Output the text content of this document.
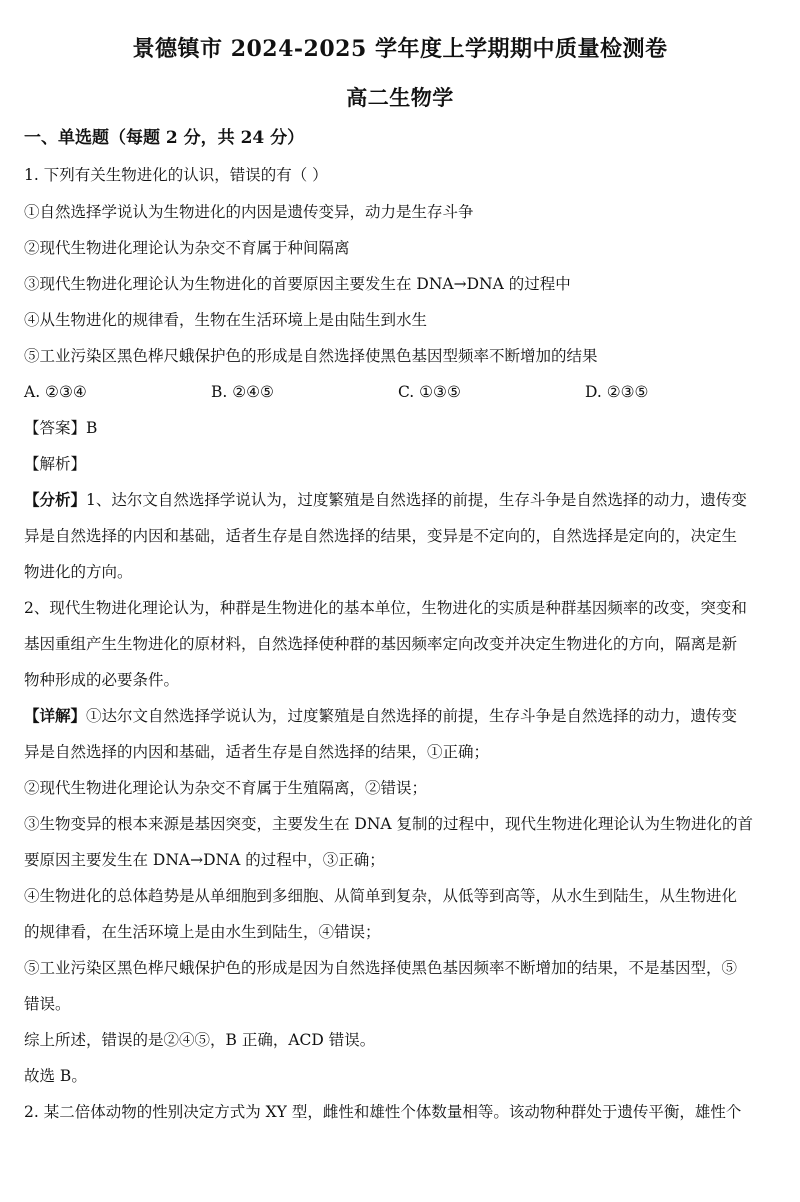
景德镇市 2024-2025 学年度上学期期中质量检测卷
高二生物学
一、单选题（每题 2 分，共 24 分）
1. 下列有关生物进化的认识，错误的有（ ）
①自然选择学说认为生物进化的内因是遗传变异，动力是生存斗争
②现代生物进化理论认为杂交不育属于种间隔离
③现代生物进化理论认为生物进化的首要原因主要发生在 DNA→DNA 的过程中
④从生物进化的规律看，生物在生活环境上是由陆生到水生
⑤工业污染区黑色桦尺蛾保护色的形成是自然选择使黑色基因型频率不断增加的结果
A. ②③④	B. ②④⑤	C. ①③⑤	D. ②③⑤
【答案】B
【解析】
【分析】1、达尔文自然选择学说认为，过度繁殖是自然选择的前提，生存斗争是自然选择的动力，遗传变
异是自然选择的内因和基础，适者生存是自然选择的结果，变异是不定向的，自然选择是定向的，决定生
物进化的方向。
2、现代生物进化理论认为，种群是生物进化的基本单位，生物进化的实质是种群基因频率的改变，突变和
基因重组产生生物进化的原材料，自然选择使种群的基因频率定向改变并决定生物进化的方向，隔离是新
物种形成的必要条件。
【详解】①达尔文自然选择学说认为，过度繁殖是自然选择的前提，生存斗争是自然选择的动力，遗传变
异是自然选择的内因和基础，适者生存是自然选择的结果，①正确；
②现代生物进化理论认为杂交不育属于生殖隔离，②错误；
③生物变异的根本来源是基因突变，主要发生在 DNA 复制的过程中，现代生物进化理论认为生物进化的首
要原因主要发生在 DNA→DNA 的过程中，③正确；
④生物进化的总体趋势是从单细胞到多细胞、从简单到复杂，从低等到高等，从水生到陆生，从生物进化
的规律看，在生活环境上是由水生到陆生，④错误；
⑤工业污染区黑色桦尺蛾保护色的形成是因为自然选择使黑色基因频率不断增加的结果，不是基因型，⑤
错误。
综上所述，错误的是②④⑤，B 正确，ACD 错误。
故选 B。
2. 某二倍体动物的性别决定方式为 XY 型，雌性和雄性个体数量相等。该动物种群处于遗传平衡，雄性个
